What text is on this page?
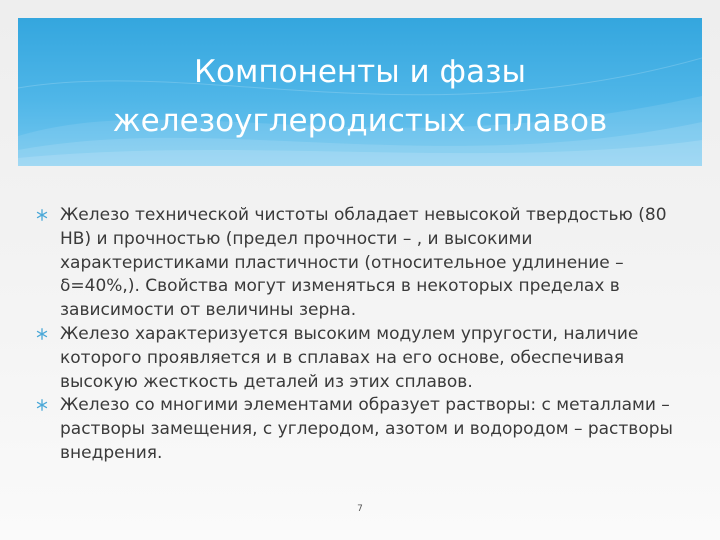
Компоненты и фазы
железоуглеродистых сплавов
Железо технической чистоты обладает невысокой твердостью (80 НВ) и прочностью (предел прочности – , и высокими характеристиками пластичности (относительное удлинение – δ=40%,). Свойства могут изменяться в некоторых пределах в зависимости от величины зерна.
Железо характеризуется высоким модулем упругости, наличие которого проявляется и в сплавах на его основе, обеспечивая высокую жесткость деталей из этих сплавов.
Железо со многими элементами образует растворы: с металлами – растворы замещения, с углеродом, азотом и водородом – растворы внедрения.
7
